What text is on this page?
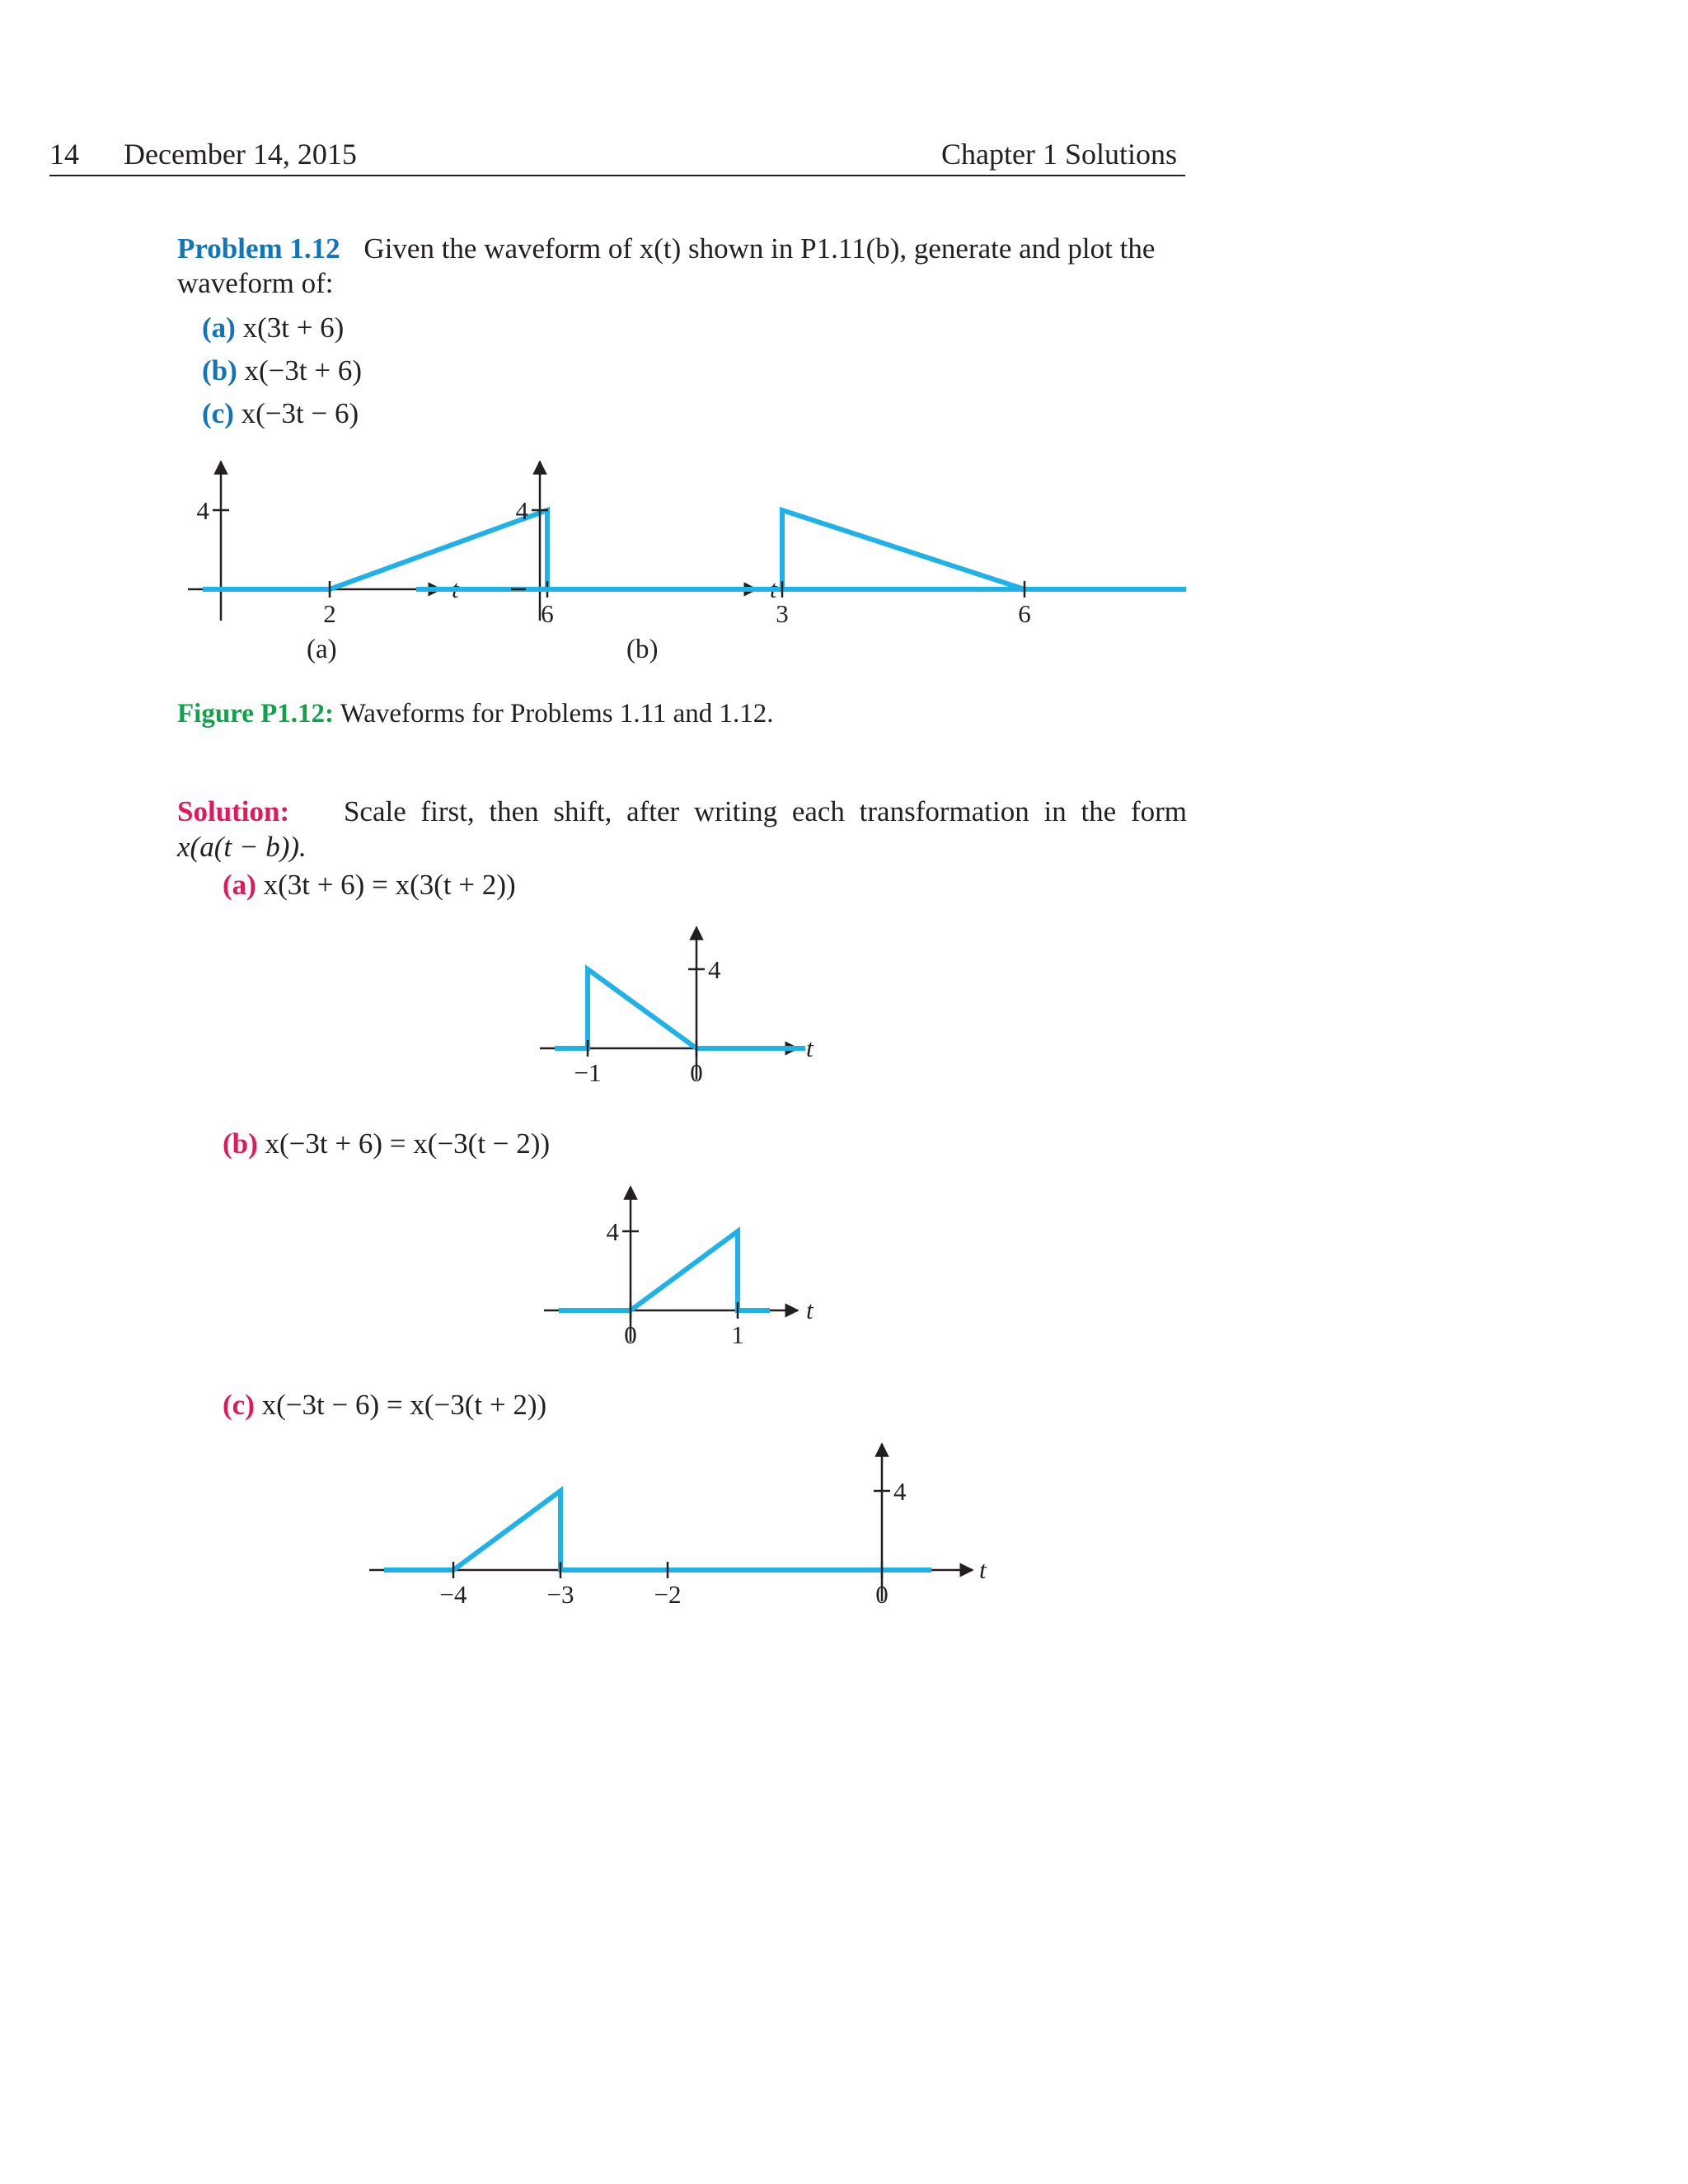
14 December 14, 2015	Chapter 1 Solutions
Problem 1.12 Given the waveform of x(t) shown in P1.11(b), generate and plot the
waveform of:
(a) x(3t + 6)
(b) x(−3t + 6)
(c) x(−3t − 6)
(a)	(b)
Figure P1.12: Waveforms for Problems 1.11 and 1.12.
Solution: Scale first, then shift, after writing each transformation in the form
x(a(t − b)).
(a) x(3t + 6) = x(3(t + 2))
(b) x(−3t + 6) = x(−3(t − 2))
(c) x(−3t − 6) = x(−3(t + 2))
4
t
2	6
4
t
3	6
4
t
−1	0
4
t
0	1
4
t
−4	−3	−2	0
